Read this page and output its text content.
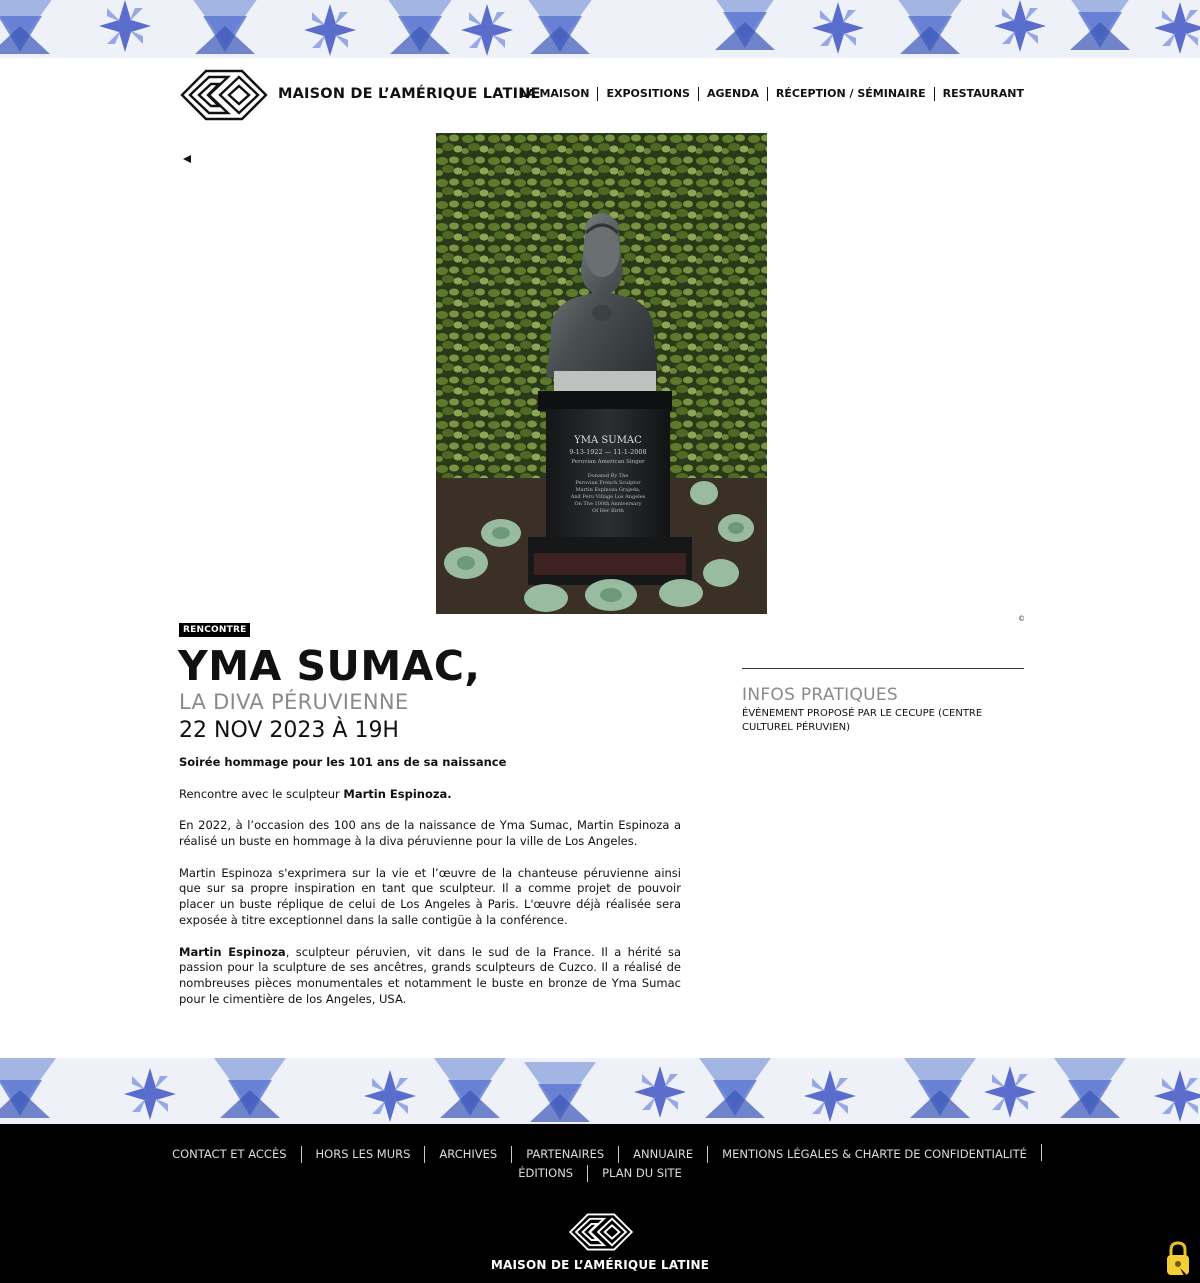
MAISON DE L’AMÉRIQUE LATINE
LA MAISON	EXPOSITIONS	AGENDA	RÉCEPTION / SÉMINAIRE	RESTAURANT
YMA SUMAC
9-13-1922 — 11-1-2008
Peruvian American Singer
Donated By The
Peruvian French Sculptor
Martin Espinoza Grajeda,
And Peru Village Los Angeles
On The 100th Anniversary
Of Her Birth
©
RENCONTRE
YMA SUMAC,
LA DIVA PÉRUVIENNE
22 NOV 2023 À 19H

Soirée hommage pour les 101 ans de sa naissance

Rencontre avec le sculpteur Martin Espinoza.

En 2022, à l’occasion des 100 ans de la naissance de Yma Sumac, Martin Espinoza a réalisé un buste en hommage à la diva péruvienne pour la ville de Los Angeles.

Martin Espinoza s'exprimera sur la vie et l’œuvre de la chanteuse péruvienne ainsi que sur sa propre inspiration en tant que sculpteur. Il a comme projet de pouvoir placer un buste réplique de celui de Los Angeles à Paris. L'œuvre déjà réalisée sera exposée à titre exceptionnel dans la salle contigüe à la conférence.

Martin Espinoza, sculpteur péruvien, vit dans le sud de la France. Il a hérité sa passion pour la sculpture de ses ancêtres, grands sculpteurs de Cuzco. Il a réalisé de nombreuses pièces monumentales et notamment le buste en bronze de Yma Sumac pour le cimentière de los Angeles, USA.

INFOS PRATIQUES
ÉVÉNEMENT PROPOSÉ PAR LE CECUPE (CENTRE CULTUREL PÉRUVIEN)
CONTACT ET ACCÈS	HORS LES MURS	ARCHIVES	PARTENAIRES	ANNUAIRE	MENTIONS LÉGALES & CHARTE DE CONFIDENTIALITÉ
ÉDITIONS	PLAN DU SITE
MAISON DE L’AMÉRIQUE LATINE
